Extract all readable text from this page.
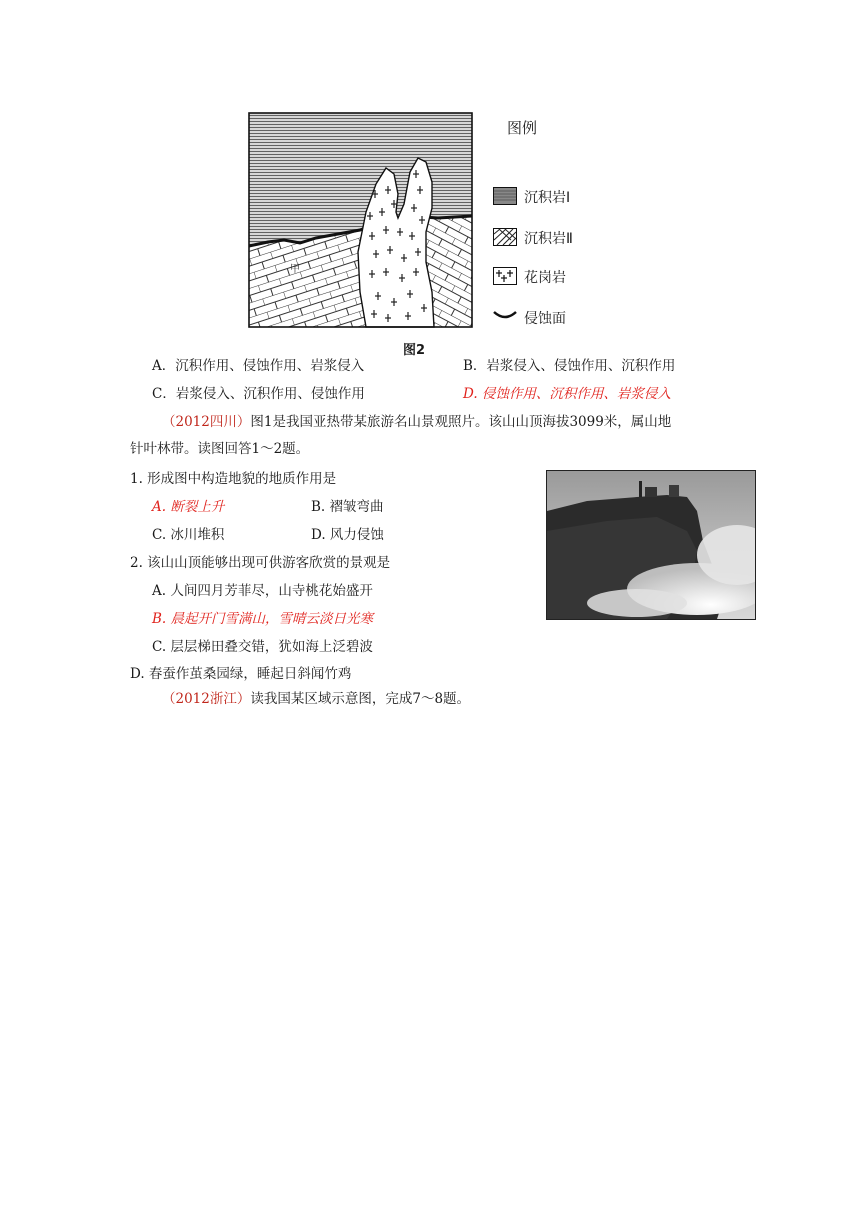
甲
图例
沉积岩Ⅰ
沉积岩Ⅱ
花岗岩
侵蚀面
图2
A．沉积作用、侵蚀作用、岩浆侵入	B．岩浆侵入、侵蚀作用、沉积作用
C．岩浆侵入、沉积作用、侵蚀作用	D. 侵蚀作用、沉积作用、岩浆侵入
（2012四川）图1是我国亚热带某旅游名山景观照片。该山山顶海拔3099米，属山地
针叶林带。读图回答1～2题。
1. 形成图中构造地貌的地质作用是
A. 断裂上升	B. 褶皱弯曲
C. 冰川堆积	D. 风力侵蚀
2. 该山山顶能够出现可供游客欣赏的景观是
A. 人间四月芳菲尽，山寺桃花始盛开
B. 晨起开门雪满山，雪晴云淡日光寒
C. 层层梯田叠交错，犹如海上泛碧波
D. 春蚕作茧桑园绿，睡起日斜闻竹鸡
（2012浙江）读我国某区域示意图，完成7～8题。
